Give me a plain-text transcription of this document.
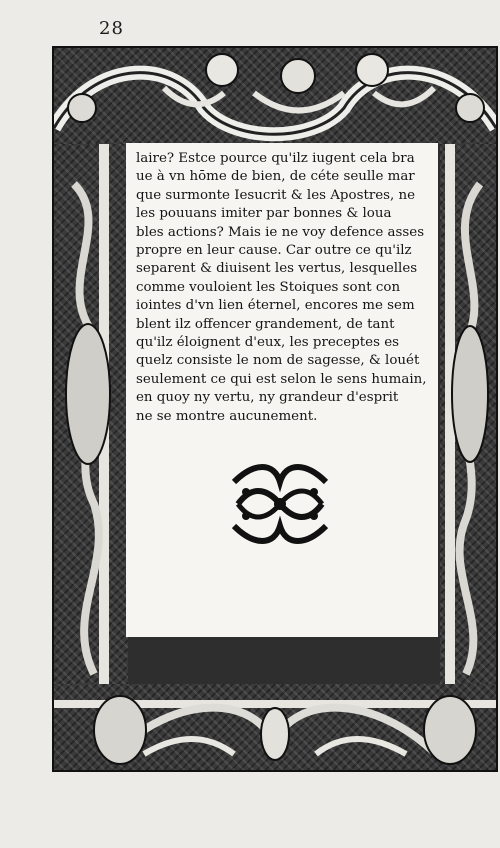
28
laire? Estce pource qu'ilz iugent cela bra
ue à vn hōme de bien, de céte seulle mar
que surmonte Iesucrit & les Apostres, ne
les pouuans imiter par bonnes & loua
bles actions? Mais ie ne voy defence asses
propre en leur cause. Car outre ce qu'ilz
separent & diuisent les vertus, lesquelles
comme vouloient les Stoiques sont con
iointes d'vn lien éternel, encores me sem
blent ilz offencer grandement, de tant
qu'ilz éloignent d'eux, les preceptes es
quelz consiste le nom de sagesse, & louét
seulement ce qui est selon le sens humain,
en quoy ny vertu, ny grandeur d'esprit
ne se montre aucunement.
